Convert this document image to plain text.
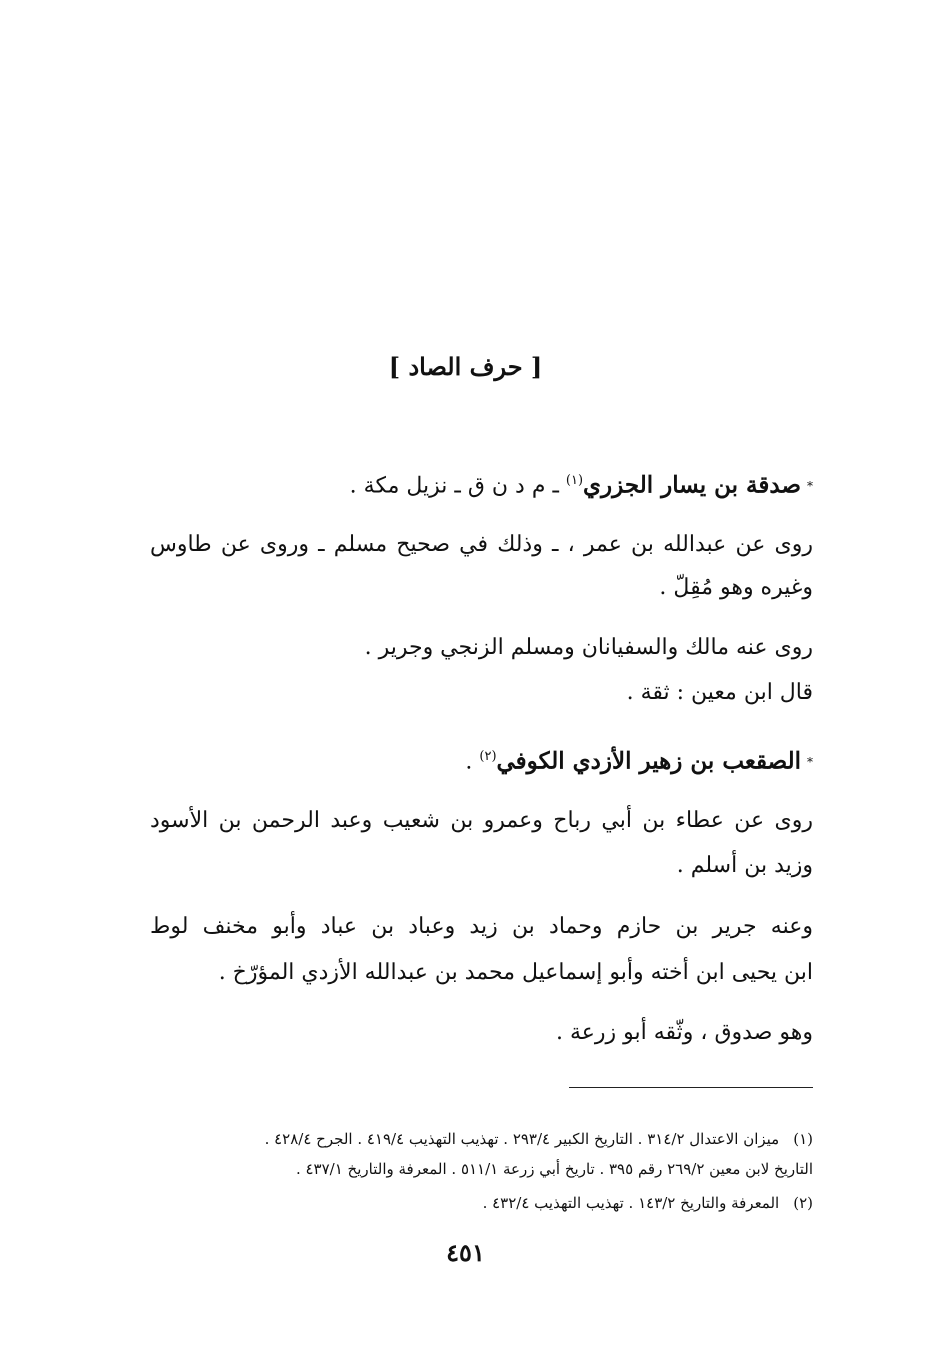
[ حرف الصاد ]
*صدقة بن يسار الجزري$^{(١)}$ ـ م د ن ق ـ نزيل مكة .
روى عن عبدالله بن عمر ، ـ وذلك في صحيح مسلم ـ وروى عن طاوس
وغيره وهو مُقِلّ .
روى عنه مالك والسفيانان ومسلم الزنجي وجرير .
قال ابن معين : ثقة .
*الصقعب بن زهير الأزدي الكوفي$^{(٢)}$ .
روى عن عطاء بن أبي رباح وعمرو بن شعيب وعبد الرحمن بن الأسود
وزيد بن أسلم .
وعنه جرير بن حازم وحماد بن زيد وعباد بن عباد وأبو مخنف لوط
ابن يحيى ابن أخته وأبو إسماعيل محمد بن عبدالله الأزدي المؤرّخ .
وهو صدوق ، وثّقه أبو زرعة .
(١)ميزان الاعتدال ٣١٤/٢ . التاريخ الكبير ٢٩٣/٤ . تهذيب التهذيب ٤١٩/٤ . الجرح ٤٢٨/٤ .
التاريخ لابن معين ٢٦٩/٢ رقم ٣٩٥ . تاريخ أبي زرعة ٥١١/١ . المعرفة والتاريخ ٤٣٧/١ .
(٢)المعرفة والتاريخ ١٤٣/٢ . تهذيب التهذيب ٤٣٢/٤ .
٤٥١
